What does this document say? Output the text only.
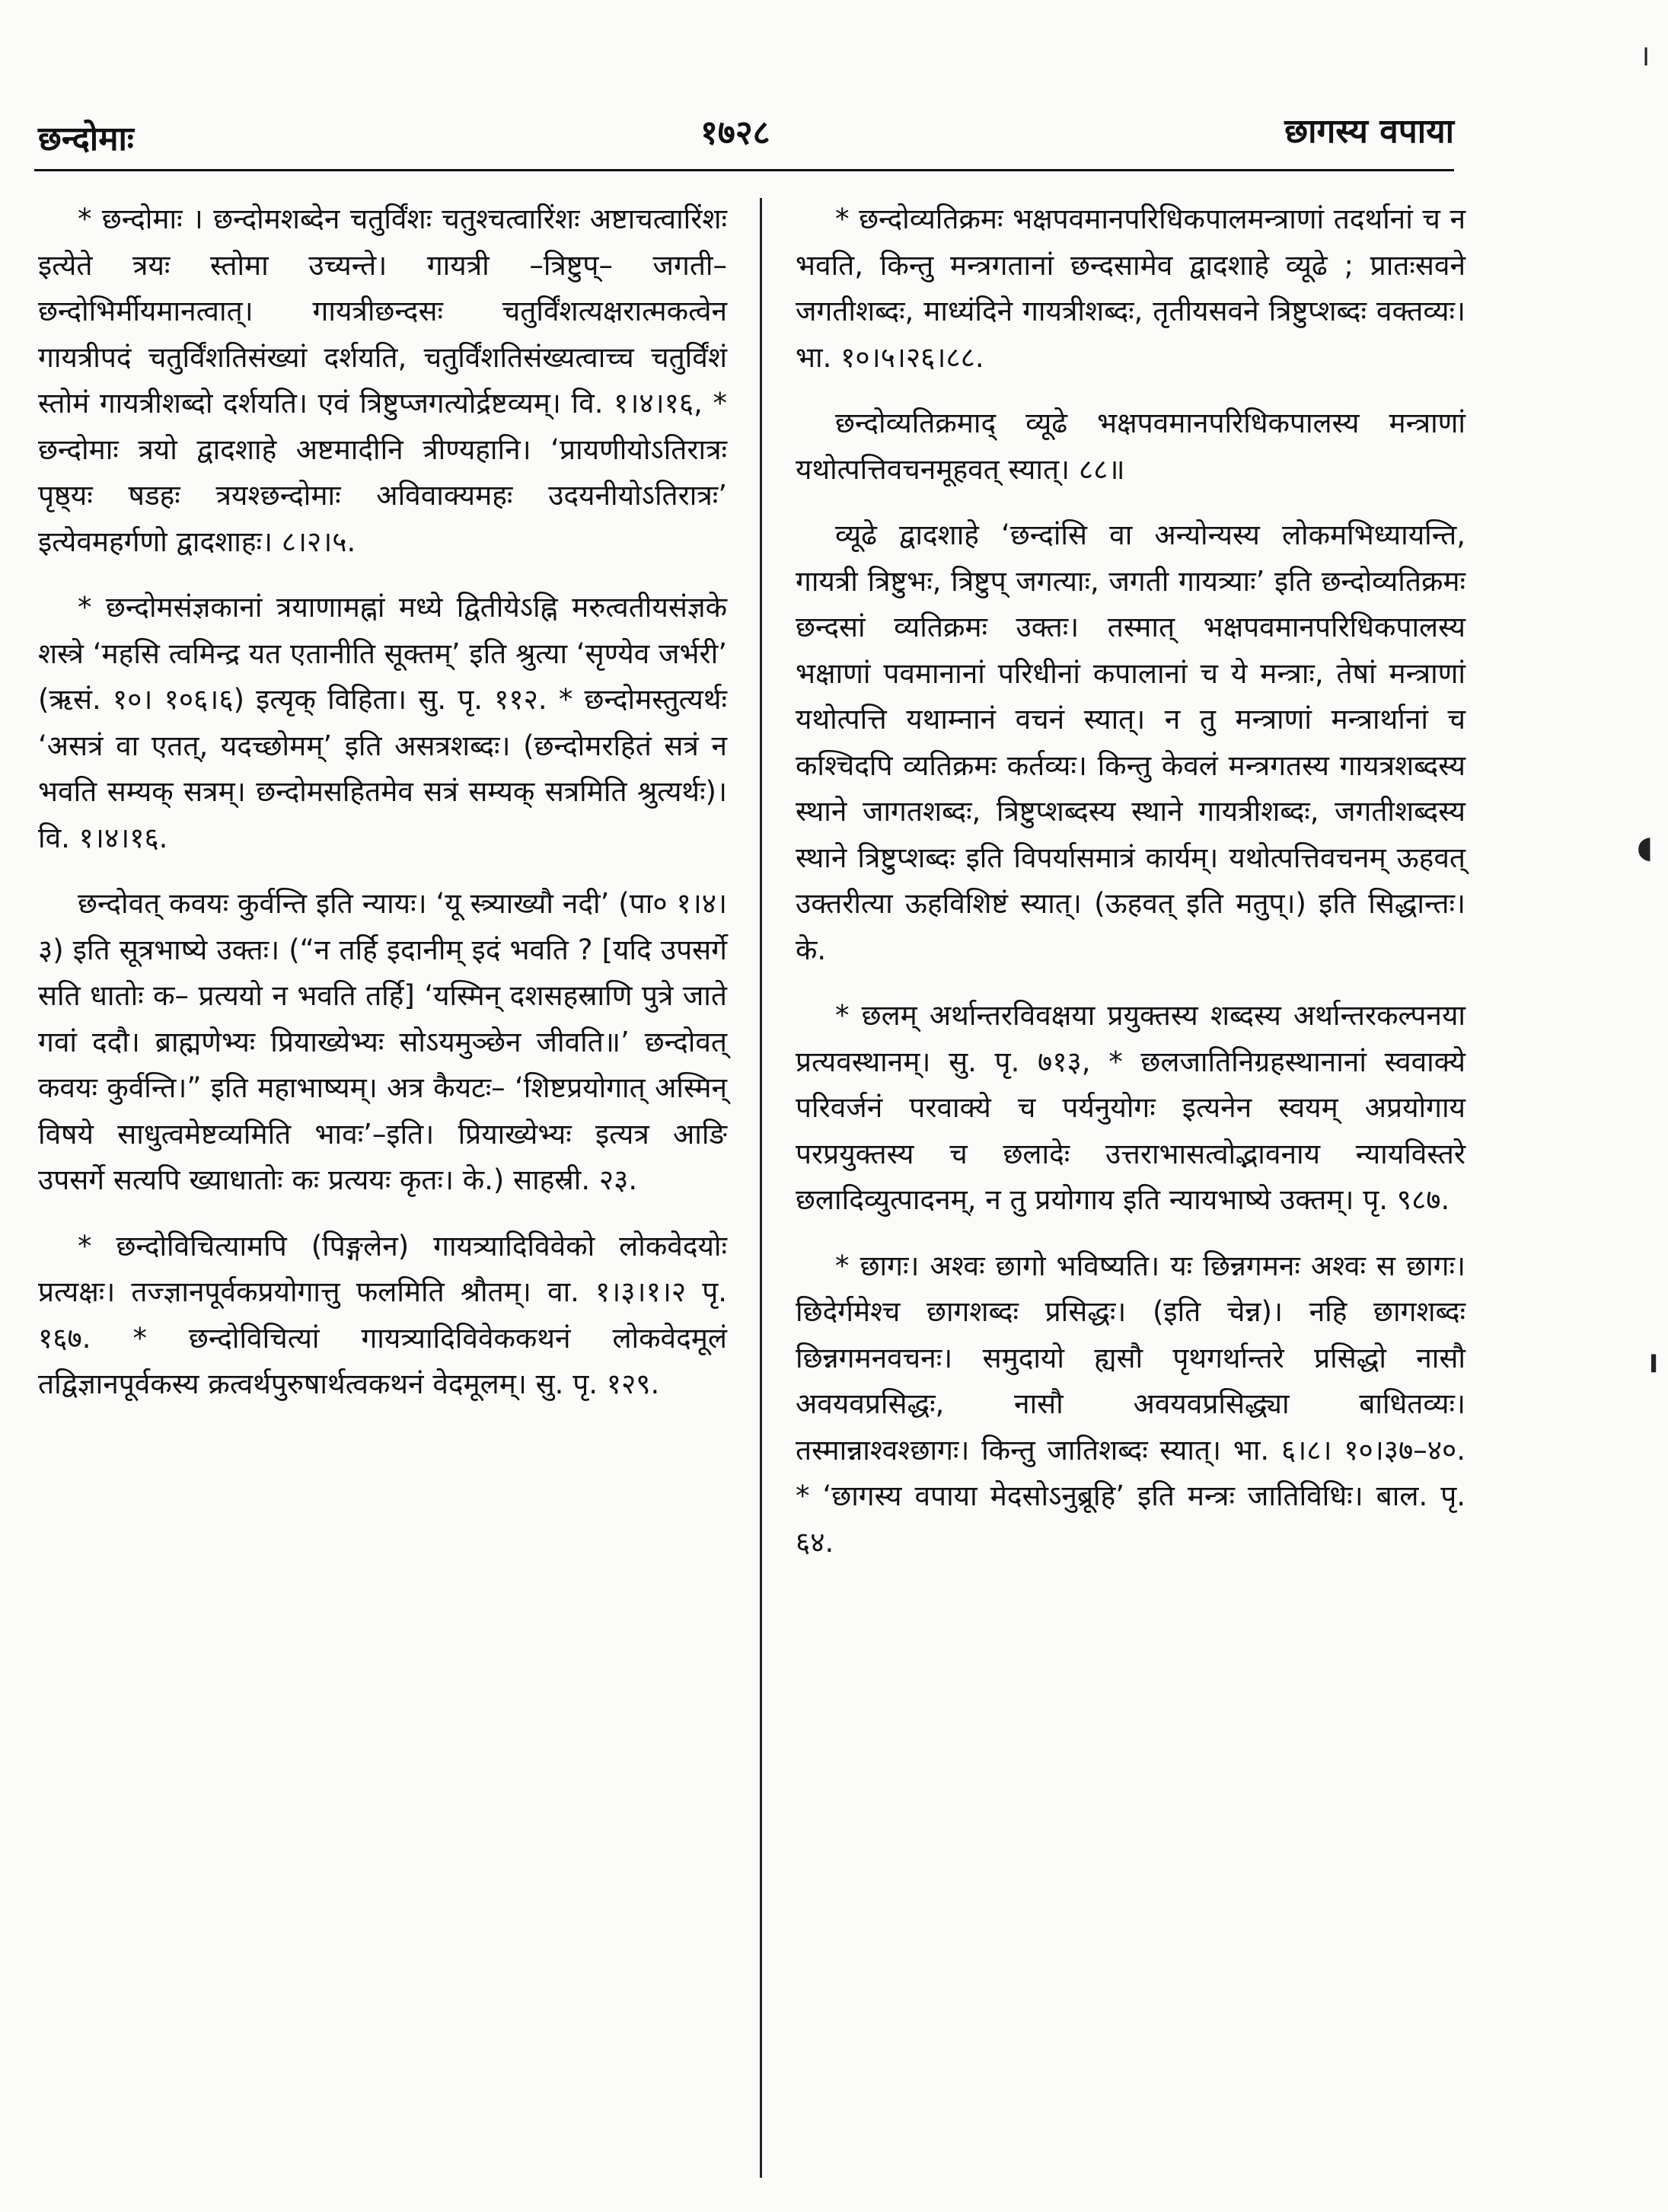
छन्दोमाः	१७२८	छागस्य वपाया

* छन्दोमाः । छन्दोमशब्देन चतुर्विंशः चतुश्चत्वारिंशः अष्टाचत्वारिंशः इत्येते त्रयः स्तोमा उच्यन्ते। गायत्री –त्रिष्टुप्– जगती– छन्दोभिर्मीयमानत्वात्। गायत्रीछन्दसः चतुर्विंशत्यक्षरात्मकत्वेन गायत्रीपदं चतुर्विंशतिसंख्यां दर्शयति, चतुर्विंशतिसंख्यत्वाच्च चतुर्विंशं स्तोमं गायत्रीशब्दो दर्शयति। एवं त्रिष्टुप्जगत्योर्द्रष्टव्यम्। वि. १।४।१६, * छन्दोमाः त्रयो द्वादशाहे अष्टमादीनि त्रीण्यहानि। ‘प्रायणीयोऽतिरात्रः पृष्ठ्यः षडहः त्रयश्छन्दोमाः अविवाक्यमहः उदयनीयोऽतिरात्रः’ इत्येवमहर्गणो द्वादशाहः। ८।२।५.

* छन्दोमसंज्ञकानां त्रयाणामह्नां मध्ये द्वितीयेऽह्नि मरुत्वतीयसंज्ञके शस्त्रे ‘महसि त्वमिन्द्र यत एतानीति सूक्तम्’ इति श्रुत्या ‘सृण्येव जर्भरी’ (ऋसं. १०। १०६।६) इत्यृक् विहिता। सु. पृ. ११२. * छन्दोमस्तुत्यर्थः ‘असत्रं वा एतत्, यदच्छोमम्’ इति असत्रशब्दः। (छन्दोमरहितं सत्रं न भवति सम्यक् सत्रम्। छन्दोमसहितमेव सत्रं सम्यक् सत्रमिति श्रुत्यर्थः)। वि. १।४।१६.

छन्दोवत् कवयः कुर्वन्ति इति न्यायः। ‘यू स्त्र्याख्यौ नदी’ (पा० १।४।३) इति सूत्रभाष्ये उक्तः। (“न तर्हि इदानीम् इदं भवति ? [यदि उपसर्गे सति धातोः क– प्रत्ययो न भवति तर्हि] ‘यस्मिन् दशसहस्राणि पुत्रे जाते गवां ददौ। ब्राह्मणेभ्यः प्रियाख्येभ्यः सोऽयमुञ्छेन जीवति॥’ छन्दोवत् कवयः कुर्वन्ति।” इति महाभाष्यम्। अत्र कैयटः– ‘शिष्टप्रयोगात् अस्मिन् विषये साधुत्वमेष्टव्यमिति भावः’–इति। प्रियाख्येभ्यः इत्यत्र आङि उपसर्गे सत्यपि ख्याधातोः कः प्रत्ययः कृतः। के.) साहस्री. २३.

* छन्दोविचित्यामपि (पिङ्गलेन) गायत्र्यादिविवेको लोकवेदयोः प्रत्यक्षः। तज्ज्ञानपूर्वकप्रयोगात्तु फलमिति श्रौतम्। वा. १।३।१।२ पृ. १६७. * छन्दोविचित्यां गायत्र्यादिविवेककथनं लोकवेदमूलं तद्विज्ञानपूर्वकस्य क्रत्वर्थपुरुषार्थत्वकथनं वेदमूलम्। सु. पृ. १२९.

* छन्दोव्यतिक्रमः भक्षपवमानपरिधिकपालमन्त्राणां तदर्थानां च न भवति, किन्तु मन्त्रगतानां छन्दसामेव द्वादशाहे व्यूढे ; प्रातःसवने जगतीशब्दः, माध्यंदिने गायत्रीशब्दः, तृतीयसवने त्रिष्टुप्शब्दः वक्तव्यः। भा. १०।५।२६।८८.

छन्दोव्यतिक्रमाद् व्यूढे भक्षपवमानपरिधिकपालस्य मन्त्राणां यथोत्पत्तिवचनमूहवत् स्यात्। ८८॥

व्यूढे द्वादशाहे ‘छन्दांसि वा अन्योन्यस्य लोकमभिध्यायन्ति, गायत्री त्रिष्टुभः, त्रिष्टुप् जगत्याः, जगती गायत्र्याः’ इति छन्दोव्यतिक्रमः छन्दसां व्यतिक्रमः उक्तः। तस्मात् भक्षपवमानपरिधिकपालस्य भक्षाणां पवमानानां परिधीनां कपालानां च ये मन्त्राः, तेषां मन्त्राणां यथोत्पत्ति यथाम्नानं वचनं स्यात्। न तु मन्त्राणां मन्त्रार्थानां च कश्चिदपि व्यतिक्रमः कर्तव्यः। किन्तु केवलं मन्त्रगतस्य गायत्रशब्दस्य स्थाने जागतशब्दः, त्रिष्टुप्शब्दस्य स्थाने गायत्रीशब्दः, जगतीशब्दस्य स्थाने त्रिष्टुप्शब्दः इति विपर्यासमात्रं कार्यम्। यथोत्पत्तिवचनम् ऊहवत् उक्तरीत्या ऊहविशिष्टं स्यात्। (ऊहवत् इति मतुप्।) इति सिद्धान्तः। के.

* छलम् अर्थान्तरविवक्षया प्रयुक्तस्य शब्दस्य अर्थान्तरकल्पनया प्रत्यवस्थानम्। सु. पृ. ७१३, * छलजातिनिग्रहस्थानानां स्ववाक्ये परिवर्जनं परवाक्ये च पर्यनुयोगः इत्यनेन स्वयम् अप्रयोगाय परप्रयुक्तस्य च छलादेः उत्तराभासत्वोद्भावनाय न्यायविस्तरे छलादिव्युत्पादनम्, न तु प्रयोगाय इति न्यायभाष्ये उक्तम्। पृ. ९८७.

* छागः। अश्वः छागो भविष्यति। यः छिन्नगमनः अश्वः स छागः। छिदेर्गमेश्च छागशब्दः प्रसिद्धः। (इति चेन्न)। नहि छागशब्दः छिन्नगमनवचनः। समुदायो ह्यसौ पृथगर्थान्तरे प्रसिद्धो नासौ अवयवप्रसिद्धः, नासौ अवयवप्रसिद्ध्या बाधितव्यः। तस्मान्नाश्वश्छागः। किन्तु जातिशब्दः स्यात्। भा. ६।८। १०।३७–४०. * ‘छागस्य वपाया मेदसोऽनुब्रूहि’ इति मन्त्रः जातिविधिः। बाल. पृ. ६४.

╷
◖
╹
